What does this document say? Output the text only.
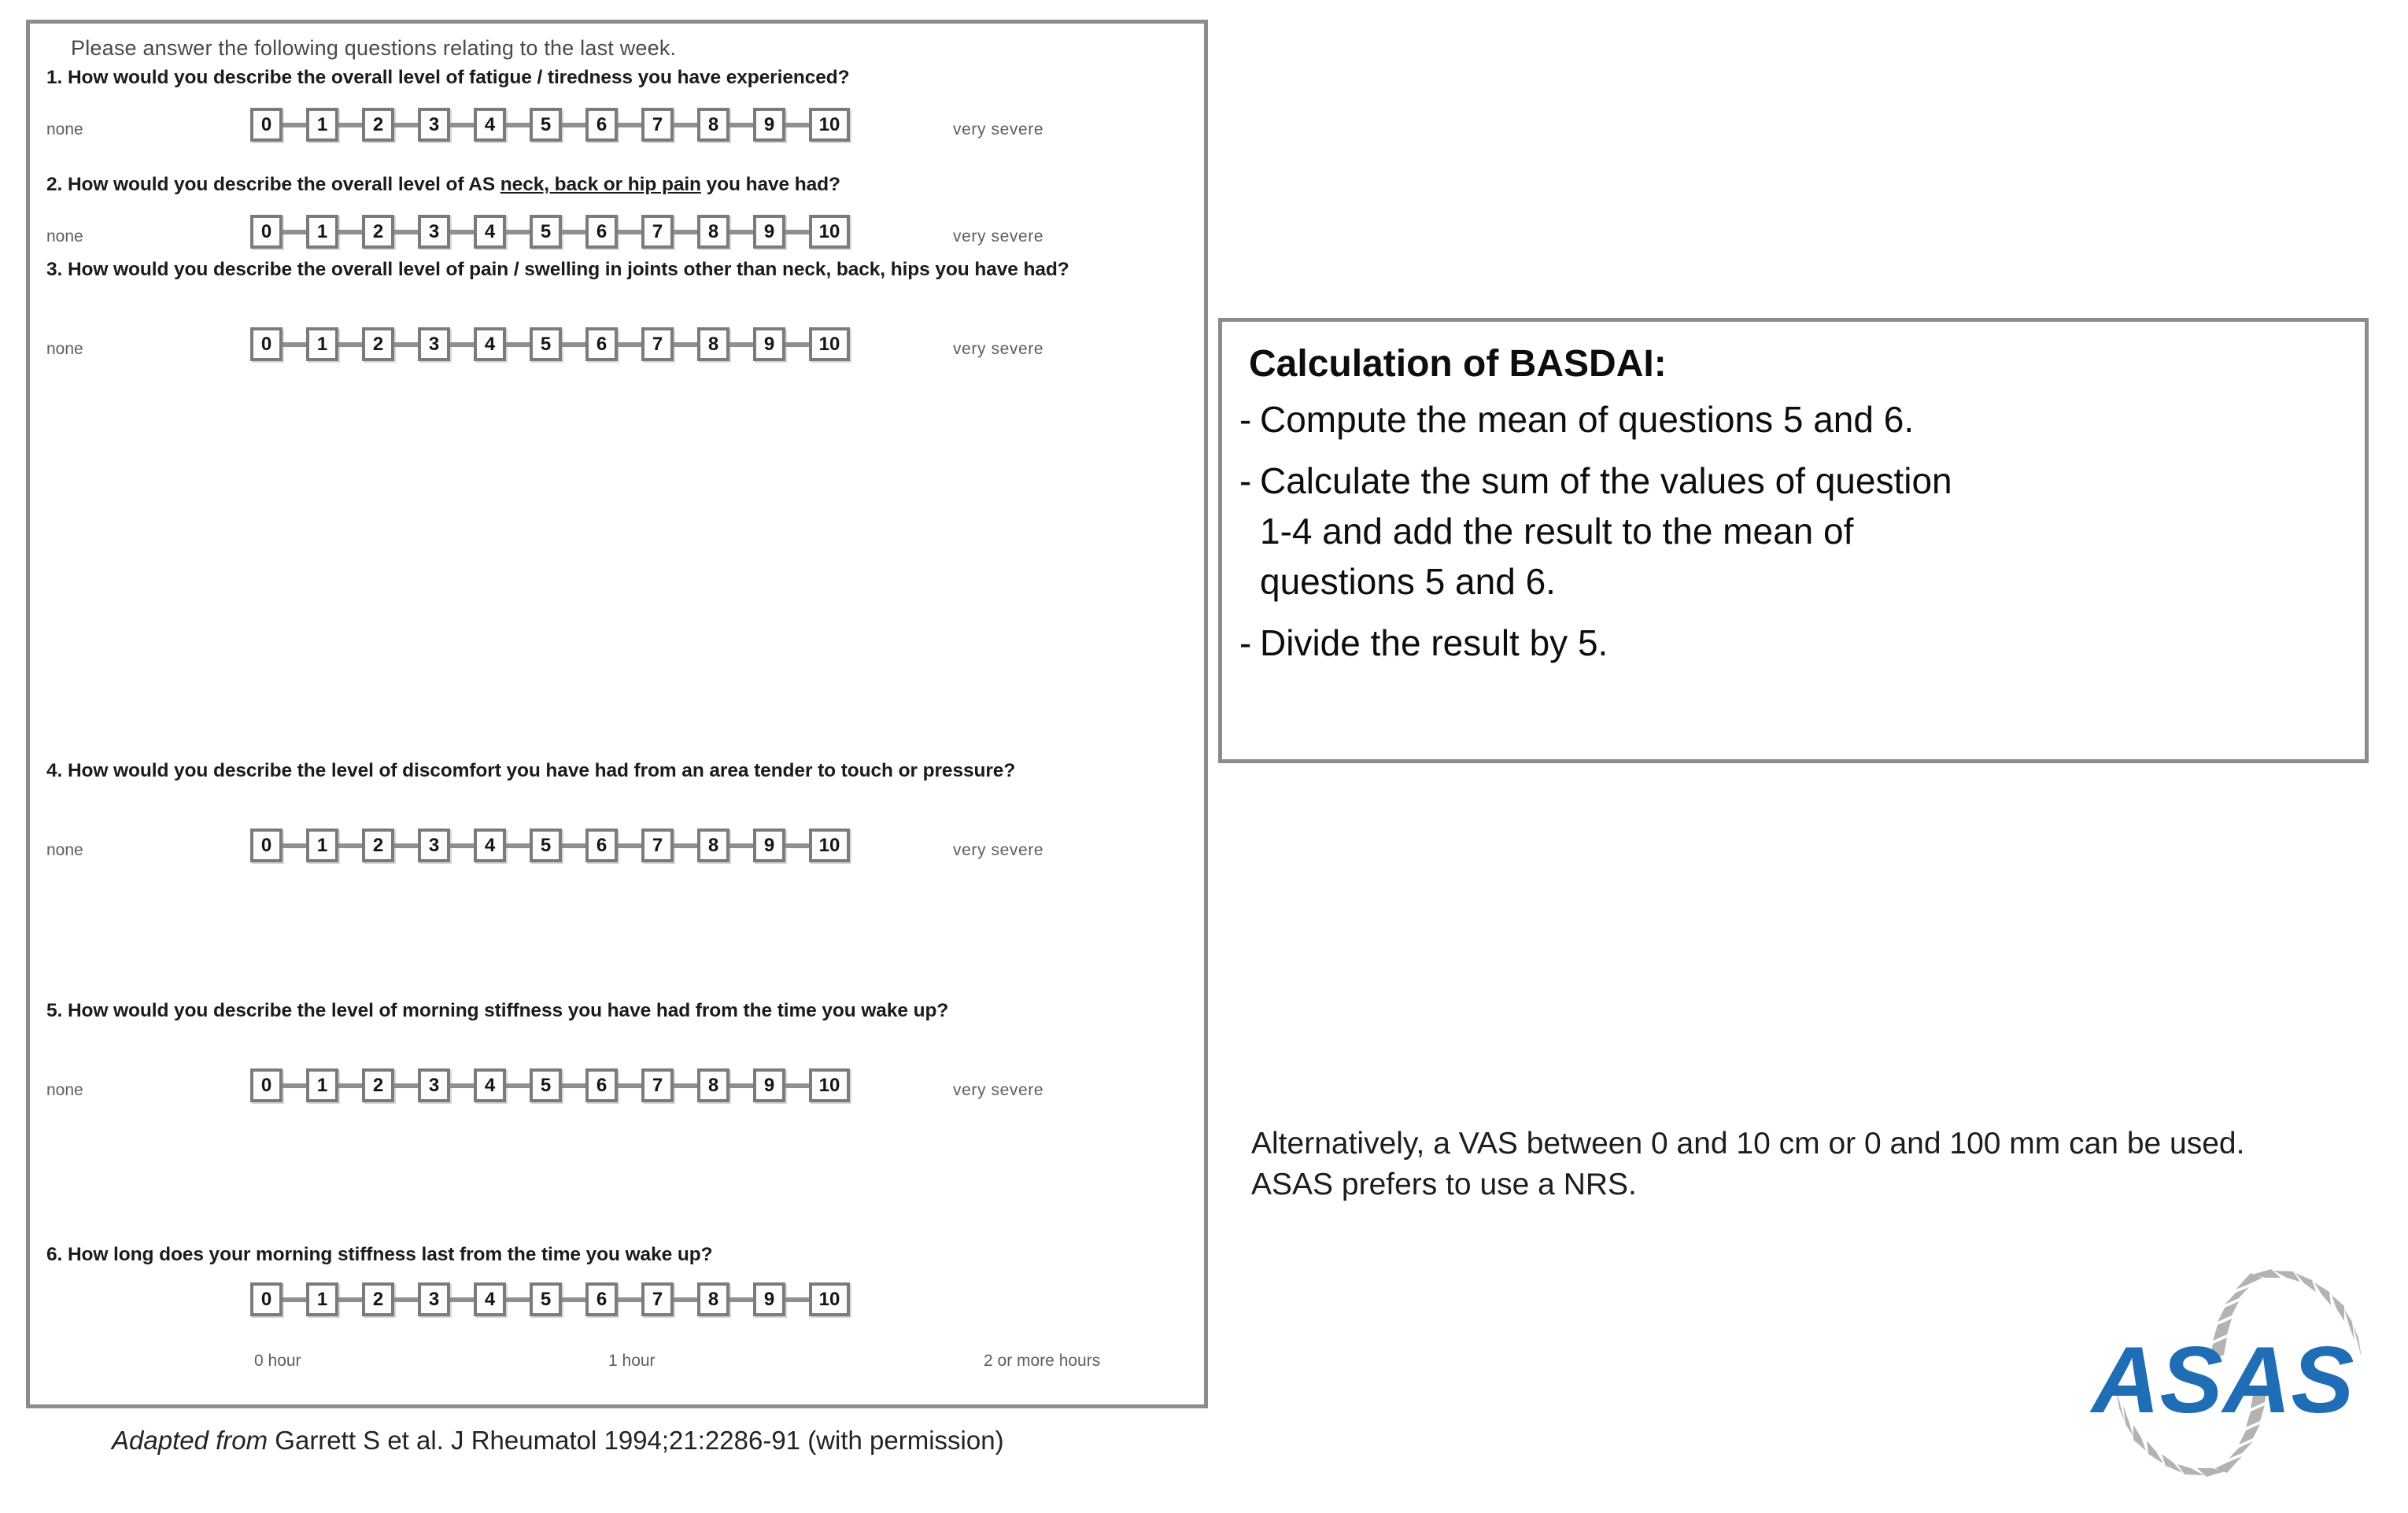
Please answer the following questions relating to the last week.
1. How would you describe the overall level of fatigue / tiredness you have experienced?
none	very severe
0	1	2	3	4	5	6	7	8	9	10
2. How would you describe the overall level of AS neck, back or hip pain you have had?
none	very severe
0	1	2	3	4	5	6	7	8	9	10
3. How would you describe the overall level of pain / swelling in joints other than neck, back, hips you have had?
none	very severe
0	1	2	3	4	5	6	7	8	9	10
4. How would you describe the level of discomfort you have had from an area tender to touch or pressure?
none	very severe
0	1	2	3	4	5	6	7	8	9	10
5. How would you describe the level of morning stiffness you have had from the time you wake up?
none	very severe
0	1	2	3	4	5	6	7	8	9	10
6. How long does your morning stiffness last from the time you wake up?
0	1	2	3	4	5	6	7	8	9	10
0 hour	1 hour	2 or more hours
Adapted from Garrett S et al. J Rheumatol 1994;21:2286-91 (with permission)
Calculation of BASDAI:
- Compute the mean of questions 5 and 6.
- Calculate the sum of the values of question
1-4 and add the result to the mean of
questions 5 and 6.
- Divide the result by 5.
Alternatively, a VAS between 0 and 10 cm or 0 and 100 mm can be used. ASAS prefers to use a NRS.
ASAS
